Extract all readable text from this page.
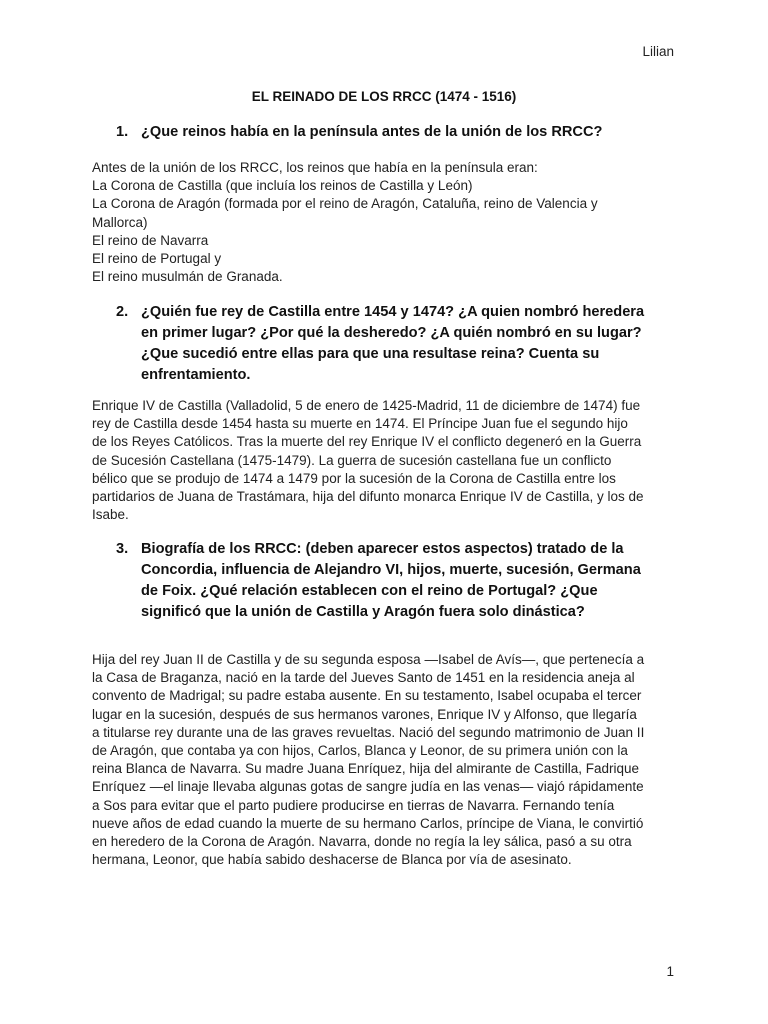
Lilian
EL REINADO DE LOS RRCC (1474 - 1516)
1. ¿Que reinos había en la península antes de la unión de los RRCC?
Antes de la unión de los RRCC, los reinos que había en la península eran:
La Corona de Castilla (que incluía los reinos de Castilla y León)
La Corona de Aragón (formada por el reino de Aragón, Cataluña, reino de Valencia y
Mallorca)
El reino de Navarra
El reino de Portugal y
El reino musulmán de Granada.
2. ¿Quién fue rey de Castilla entre 1454 y 1474? ¿A quien nombró heredera
en primer lugar? ¿Por qué la desheredo? ¿A quién nombró en su lugar?
¿Que sucedió entre ellas para que una resultase reina? Cuenta su
enfrentamiento.
Enrique IV de Castilla (Valladolid, 5 de enero de 1425-Madrid, 11 de diciembre de 1474) fue
rey de Castilla desde 1454 hasta su muerte en 1474. El Príncipe Juan fue el segundo hijo
de los Reyes Católicos. Tras la muerte del rey Enrique IV el conflicto degeneró en la Guerra
de Sucesión Castellana (1475-1479). La guerra de sucesión castellana fue un conflicto
bélico que se produjo de 1474 a 1479 por la sucesión de la Corona de Castilla entre los
partidarios de Juana de Trastámara, hija del difunto monarca Enrique IV de Castilla, y los de
Isabe.
3. Biografía de los RRCC: (deben aparecer estos aspectos) tratado de la
Concordia, influencia de Alejandro VI, hijos, muerte, sucesión, Germana
de Foix. ¿Qué relación establecen con el reino de Portugal? ¿Que
significó que la unión de Castilla y Aragón fuera solo dinástica?
Hija del rey Juan II de Castilla y de su segunda esposa —Isabel de Avís—, que pertenecía a
la Casa de Braganza, nació en la tarde del Jueves Santo de 1451 en la residencia aneja al
convento de Madrigal; su padre estaba ausente. En su testamento, Isabel ocupaba el tercer
lugar en la sucesión, después de sus hermanos varones, Enrique IV y Alfonso, que llegaría
a titularse rey durante una de las graves revueltas. Nació del segundo matrimonio de Juan II
de Aragón, que contaba ya con hijos, Carlos, Blanca y Leonor, de su primera unión con la
reina Blanca de Navarra. Su madre Juana Enríquez, hija del almirante de Castilla, Fadrique
Enríquez —el linaje llevaba algunas gotas de sangre judía en las venas— viajó rápidamente
a Sos para evitar que el parto pudiere producirse en tierras de Navarra. Fernando tenía
nueve años de edad cuando la muerte de su hermano Carlos, príncipe de Viana, le convirtió
en heredero de la Corona de Aragón. Navarra, donde no regía la ley sálica, pasó a su otra
hermana, Leonor, que había sabido deshacerse de Blanca por vía de asesinato.
1
